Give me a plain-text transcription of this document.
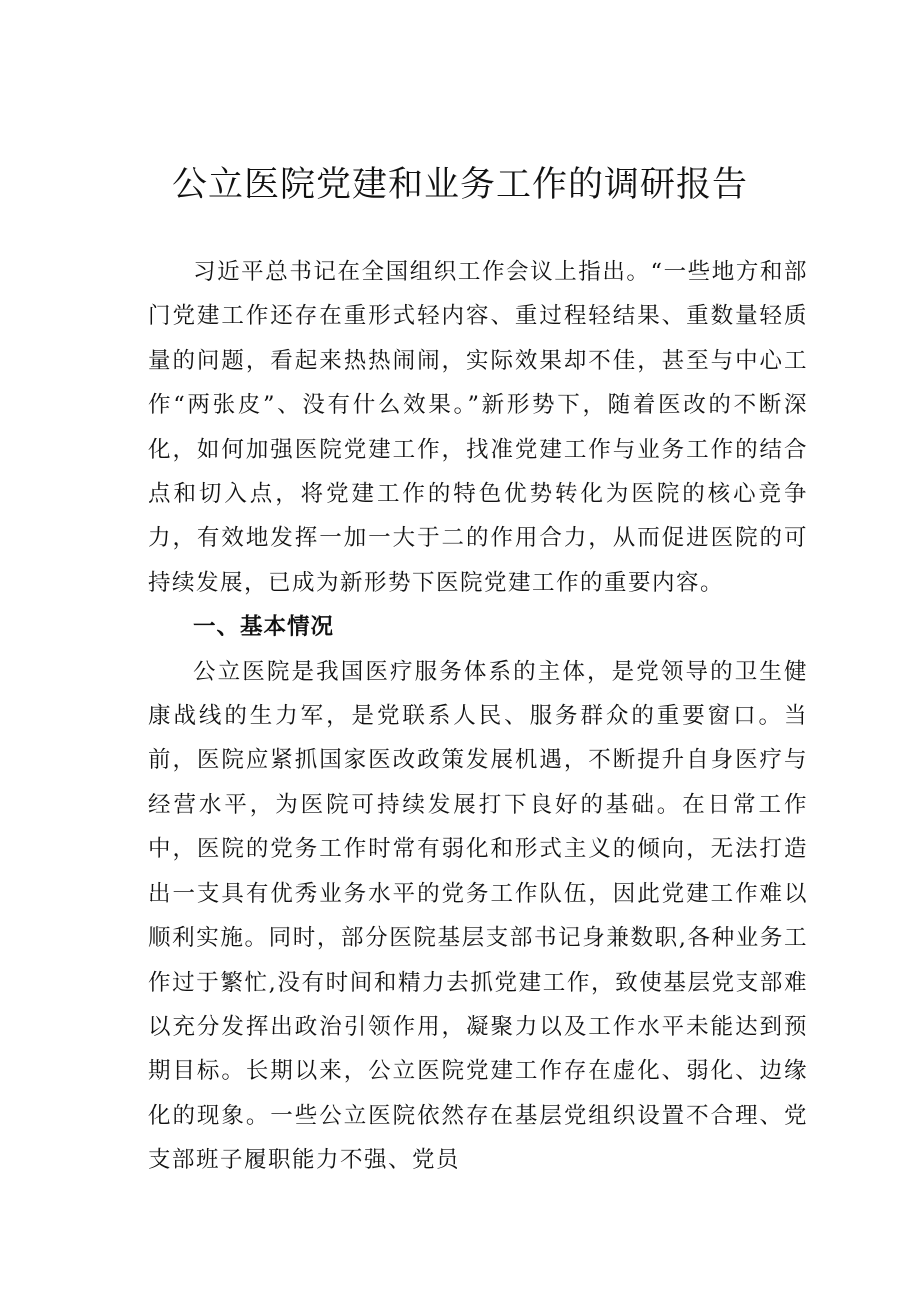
公立医院党建和业务工作的调研报告

习近平总书记在全国组织工作会议上指出。“一些地方和部门党建工作还存在重形式轻内容、重过程轻结果、重数量轻质量的问题，看起来热热闹闹，实际效果却不佳，甚至与中心工作“两张皮”、没有什么效果。”新形势下，随着医改的不断深化，如何加强医院党建工作，找准党建工作与业务工作的结合点和切入点，将党建工作的特色优势转化为医院的核心竞争力，有效地发挥一加一大于二的作用合力，从而促进医院的可持续发展，已成为新形势下医院党建工作的重要内容。

一、基本情况

公立医院是我国医疗服务体系的主体，是党领导的卫生健康战线的生力军，是党联系人民、服务群众的重要窗口。当前，医院应紧抓国家医改政策发展机遇，不断提升自身医疗与经营水平，为医院可持续发展打下良好的基础。在日常工作中，医院的党务工作时常有弱化和形式主义的倾向，无法打造出一支具有优秀业务水平的党务工作队伍，因此党建工作难以顺利实施。同时，部分医院基层支部书记身兼数职,各种业务工作过于繁忙,没有时间和精力去抓党建工作，致使基层党支部难以充分发挥出政治引领作用，凝聚力以及工作水平未能达到预期目标。长期以来，公立医院党建工作存在虚化、弱化、边缘化的现象。一些公立医院依然存在基层党组织设置不合理、党支部班子履职能力不强、党员
